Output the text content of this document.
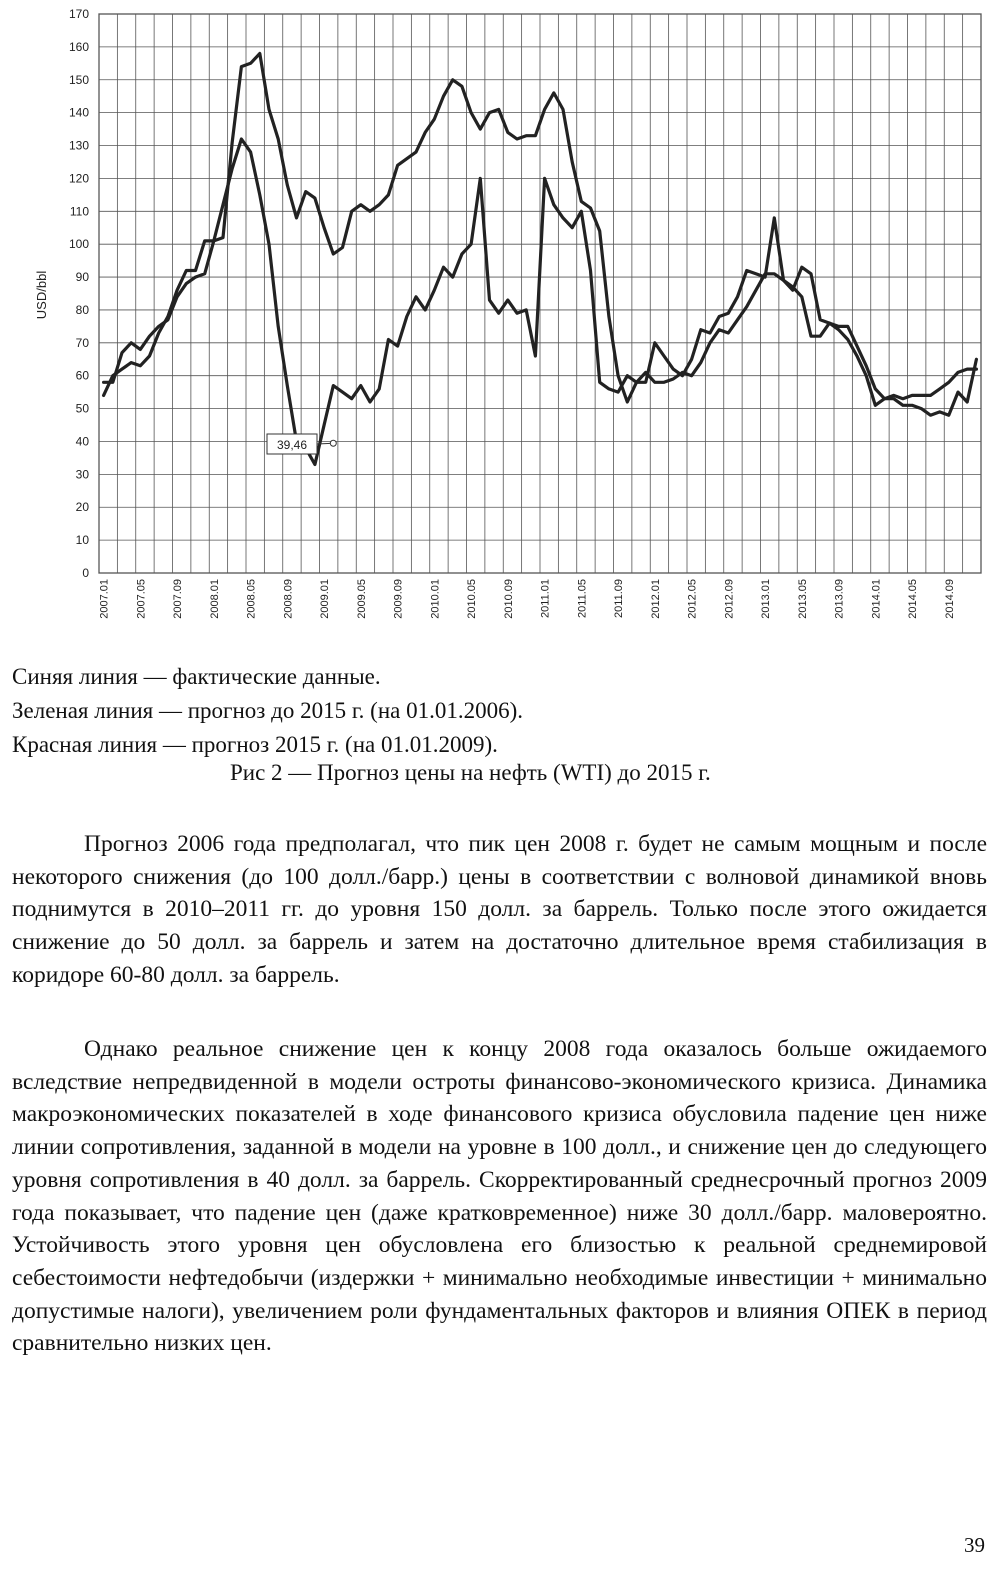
0
10
20
30
40
50
60
70
80
90
100
110
120
130
140
150
160
170
2007.01 2007.05 2007.09 2008.01 2008.05 2008.09 2009.01 2009.05 2009.09 2010.01 2010.05 2010.09 2011.01 2011.05 2011.09 2012.01 2012.05 2012.09 2013.01 2013.05 2013.09 2014.01 2014.05 2014.09
USD/bbl
39,46
Синяя линия — фактические данные.
Зеленая линия — прогноз до 2015 г. (на 01.01.2006).
Красная линия — прогноз 2015 г. (на 01.01.2009).
Рис 2 — Прогноз цены на нефть (WTI) до 2015 г.

Прогноз 2006 года предполагал, что пик цен 2008 г. будет не самым мощным и после некоторого снижения (до 100 долл./барр.) цены в соответствии с волновой динамикой вновь поднимутся в 2010–2011 гг. до уровня 150 долл. за баррель. Только после этого ожидается снижение до 50 долл. за баррель и затем на достаточно длительное время стабилизация в коридоре 60-80 долл. за баррель.

Однако реальное снижение цен к концу 2008 года оказалось больше ожидаемого вследствие непредвиденной в модели остроты финансово-экономического кризиса. Динамика макроэкономических показателей в ходе финансового кризиса обусловила падение цен ниже линии сопротивления, заданной в модели на уровне в 100 долл., и снижение цен до следующего уровня сопротивления в 40 долл. за баррель. Скорректированный среднесрочный прогноз 2009 года показывает, что падение цен (даже кратковременное) ниже 30 долл./барр. маловероятно. Устойчивость этого уровня цен обусловлена его близостью к реальной среднемировой себестоимости нефтедобычи (издержки + минимально необходимые инвестиции + минимально допустимые налоги), увеличением роли фундаментальных факторов и влияния ОПЕК в период сравнительно низких цен.

39
